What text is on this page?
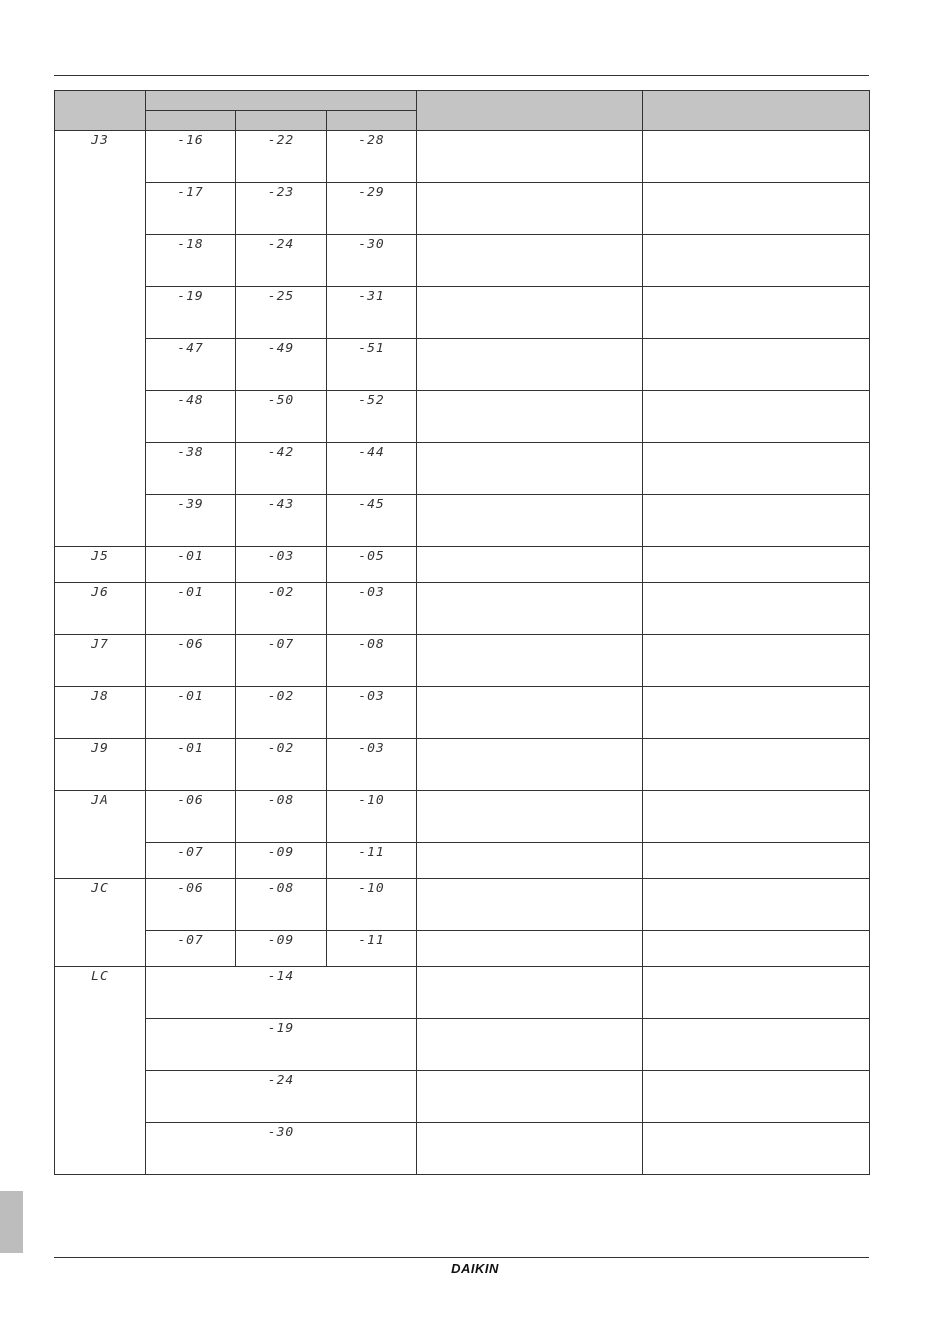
J3	-16	-22	-28		

	-17	-23	-29		

	-18	-24	-30		

	-19	-25	-31		

	-47	-49	-51		

	-48	-50	-52		

	-38	-42	-44		

	-39	-43	-45		

J5	-01	-03	-05		

J6	-01	-02	-03		

J7	-06	-07	-08		

J8	-01	-02	-03		

J9	-01	-02	-03		

JA	-06	-08	-10		

	-07	-09	-11		

JC	-06	-08	-10		

	-07	-09	-11		

LC	-14				

	-19				

	-24				

	-30				

DAIKIN
